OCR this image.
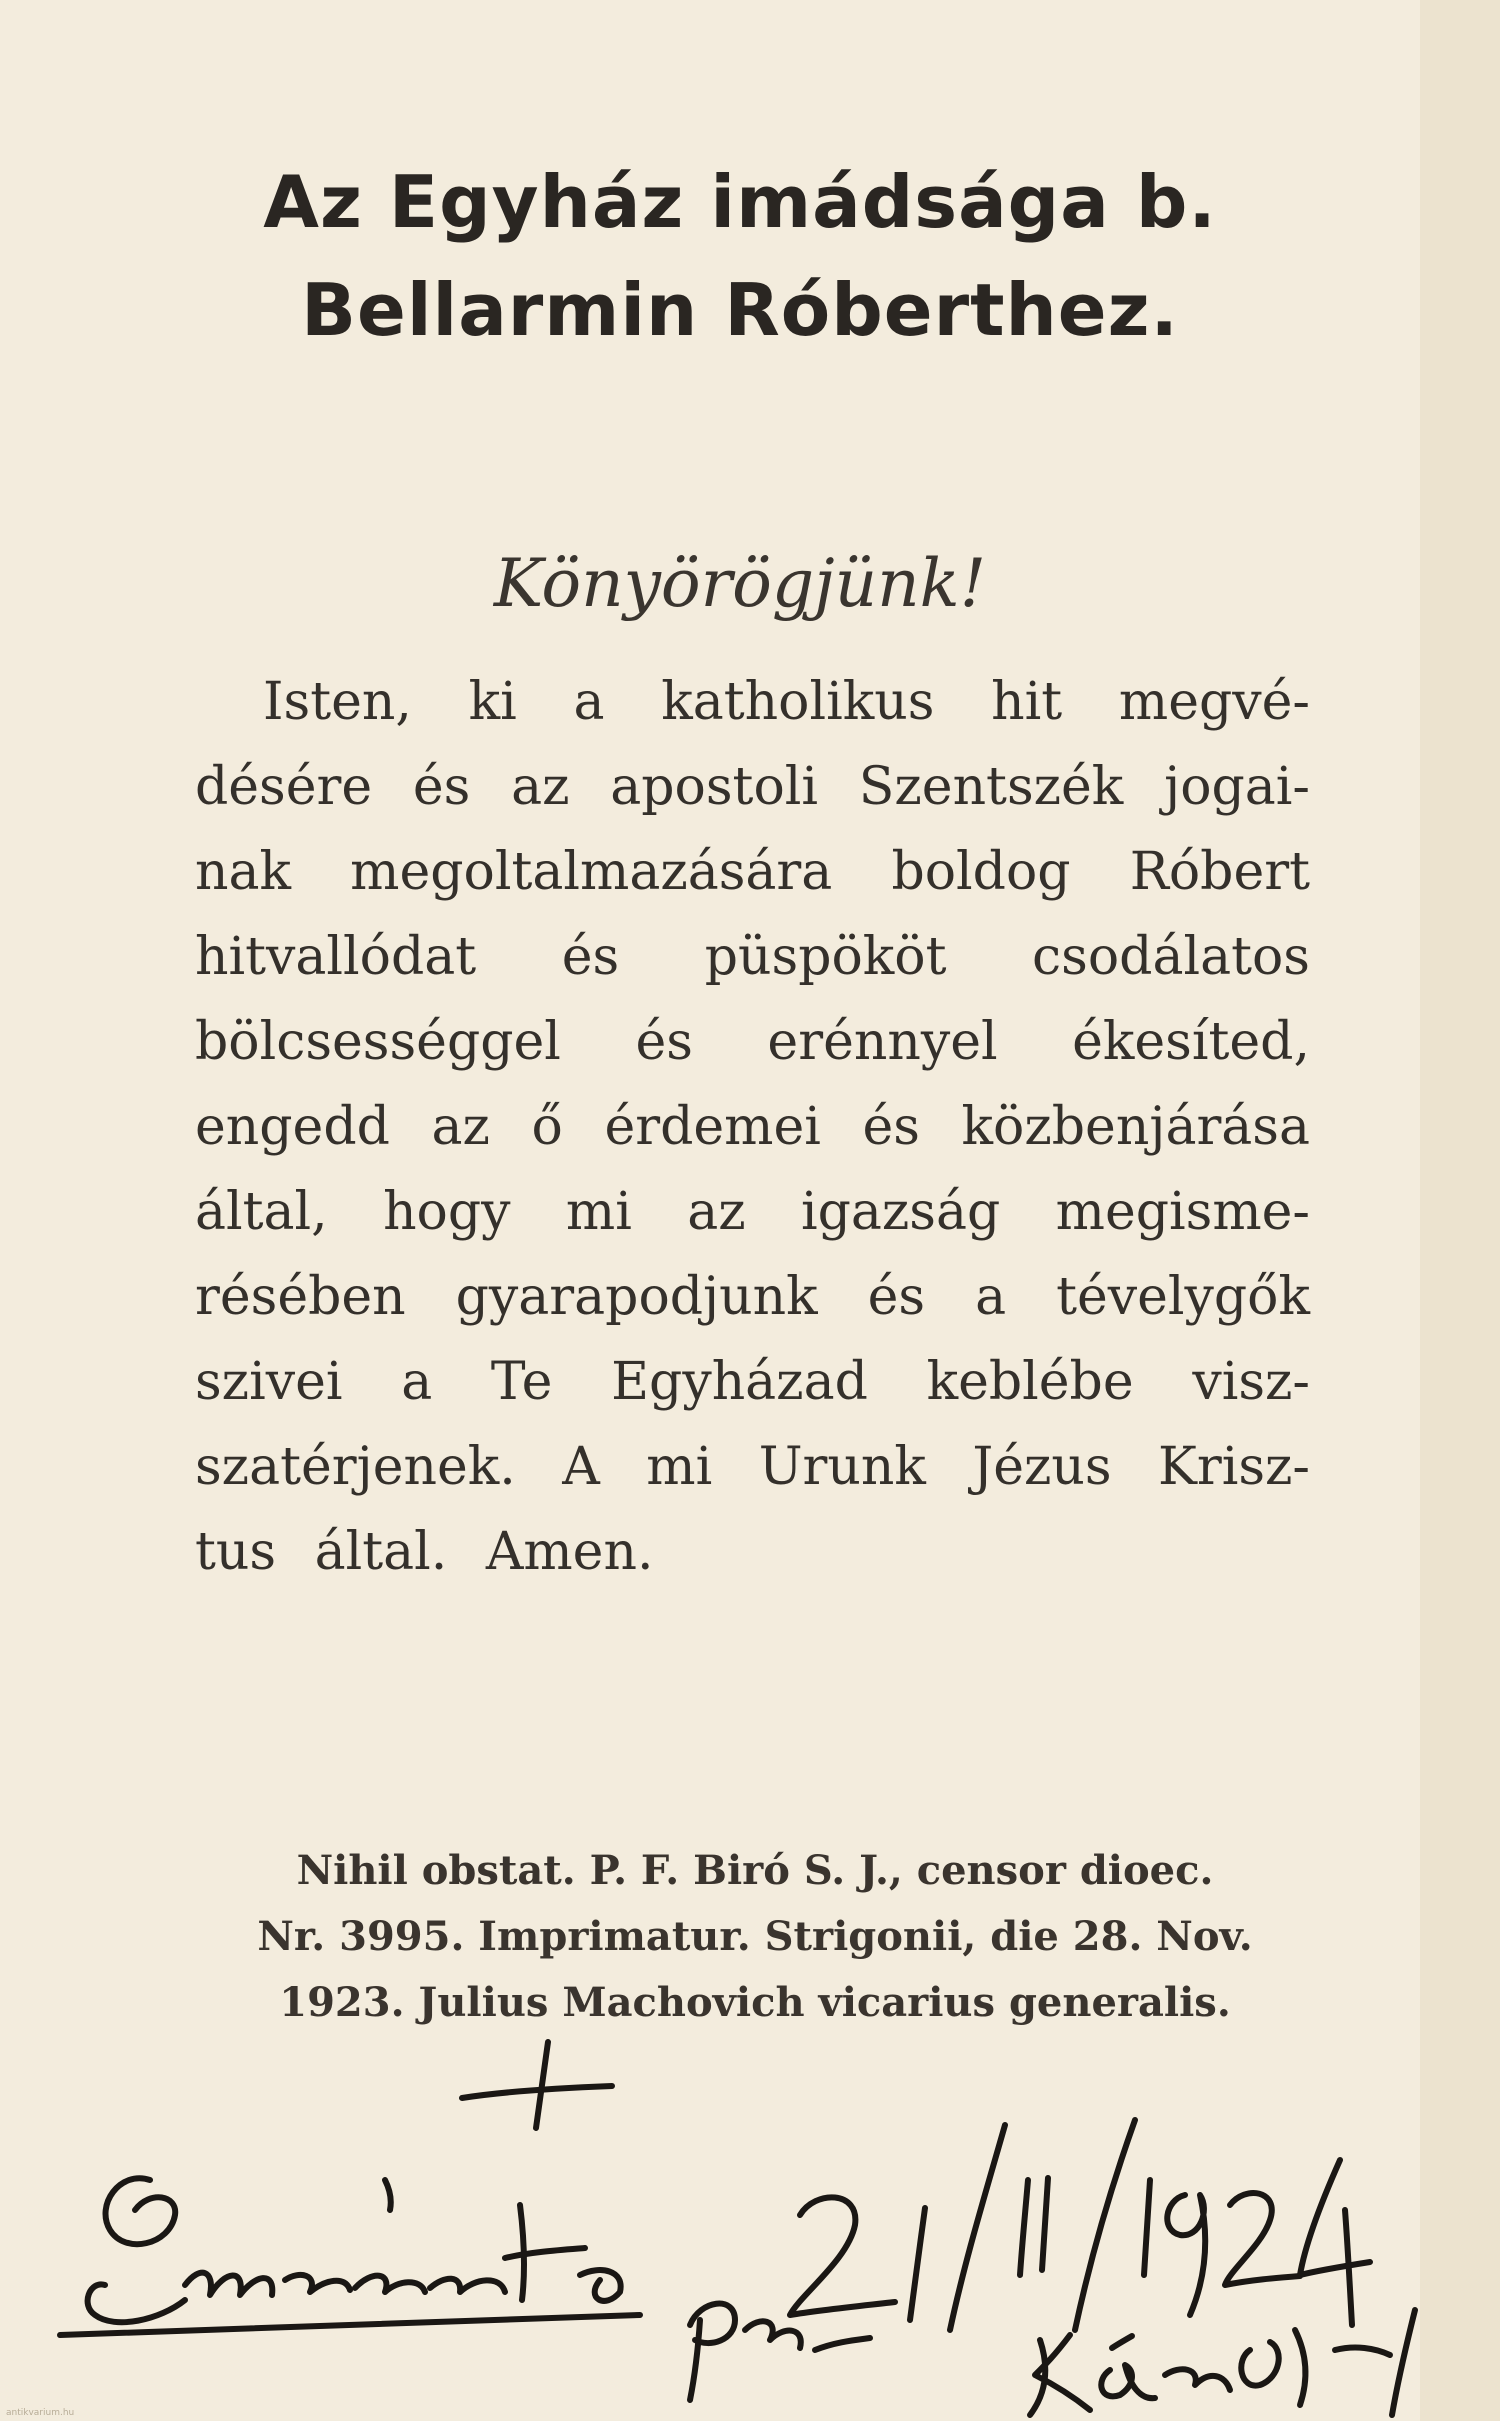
Az Egyház imádsága b.
Bellarmin Róberthez.
Könyörögjünk!
Isten, ki a katholikus hit megvé-
désére és az apostoli Szentszék jogai-
nak megoltalmazására boldog Róbert
hitvallódat és püspököt csodálatos
bölcsességgel és erénnyel ékesíted,
engedd az ő érdemei és közbenjárása
által, hogy mi az igazság megisme-
résében gyarapodjunk és a tévelygők
szivei a Te Egyházad keblébe visz-
szatérjenek. A mi Urunk Jézus Krisz-
tus által. Amen.
Nihil obstat. P. F. Biró S. J., censor dioec.
Nr. 3995. Imprimatur. Strigonii, die 28. Nov.
1923. Julius Machovich vicarius generalis.
antikvarium.hu
